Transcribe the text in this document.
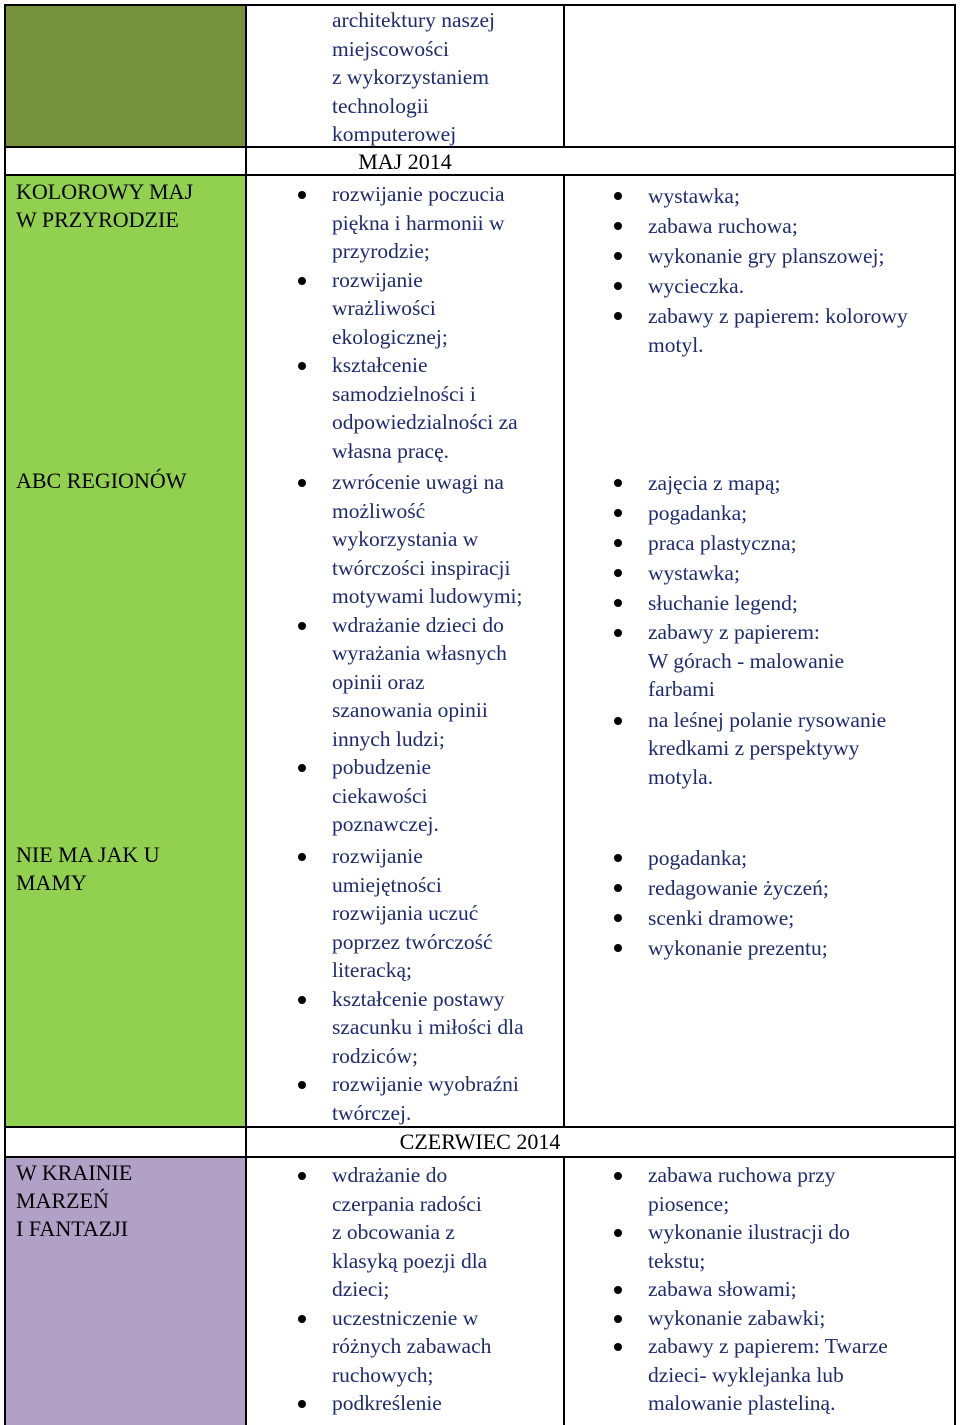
architektury naszej
miejscowości
z wykorzystaniem
technologii
komputerowej
MAJ 2014
CZERWIEC 2014
KOLOROWY MAJ
W PRZYRODZIE
rozwijanie poczucia
piękna i harmonii w
przyrodzie;
rozwijanie
wrażliwości
ekologicznej;
kształcenie
samodzielności i
odpowiedzialności za
własna pracę.
wystawka;
zabawa ruchowa;
wykonanie gry planszowej;
wycieczka.
zabawy z papierem: kolorowy
motyl.
ABC REGIONÓW	zwrócenie uwagi na
możliwość
wykorzystania w
twórczości inspiracji
motywami ludowymi;
wdrażanie dzieci do
wyrażania własnych
opinii oraz
szanowania opinii
innych ludzi;
pobudzenie
ciekawości
poznawczej.
zajęcia z mapą;
pogadanka;
praca plastyczna;
wystawka;
słuchanie legend;
zabawy z papierem:
W górach - malowanie
farbami
na leśnej polanie rysowanie
kredkami z perspektywy
motyla.
NIE MA JAK U
MAMY
rozwijanie
umiejętności
rozwijania uczuć
poprzez twórczość
literacką;
kształcenie postawy
szacunku i miłości dla
rodziców;
rozwijanie wyobraźni
twórczej.
pogadanka;
redagowanie życzeń;
scenki dramowe;
wykonanie prezentu;
W KRAINIE
MARZEŃ
I FANTAZJI
wdrażanie do
czerpania radości
z obcowania z
klasyką poezji dla
dzieci;
uczestniczenie w
różnych zabawach
ruchowych;
podkreślenie
zabawa ruchowa przy
piosence;
wykonanie ilustracji do
tekstu;
zabawa słowami;
wykonanie zabawki;
zabawy z papierem: Twarze
dzieci- wyklejanka lub
malowanie plasteliną.
